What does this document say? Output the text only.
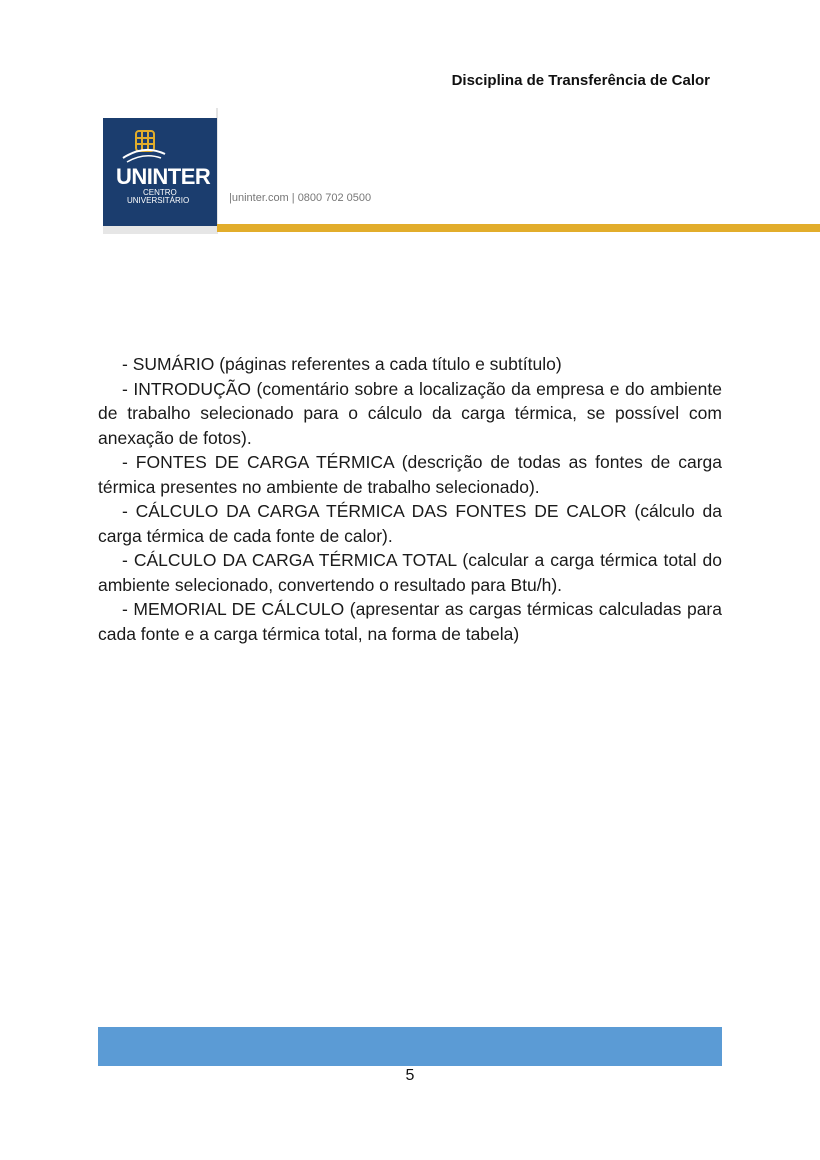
Disciplina de Transferência de Calor
UNINTER
CENTRO
UNIVERSITÁRIO	|uninter.com | 0800 702 0500

- SUMÁRIO (páginas referentes a cada título e subtítulo)

- INTRODUÇÃO (comentário sobre a localização da empresa e do ambiente de trabalho selecionado para o cálculo da carga térmica, se possível com anexação de fotos).

- FONTES DE CARGA TÉRMICA (descrição de todas as fontes de carga térmica presentes no ambiente de trabalho selecionado).

- CÁLCULO DA CARGA TÉRMICA DAS FONTES DE CALOR (cálculo da carga térmica de cada fonte de calor).

- CÁLCULO DA CARGA TÉRMICA TOTAL (calcular a carga térmica total do ambiente selecionado, convertendo o resultado para Btu/h).

- MEMORIAL DE CÁLCULO (apresentar as cargas térmicas calculadas para cada fonte e a carga térmica total, na forma de tabela)

5
